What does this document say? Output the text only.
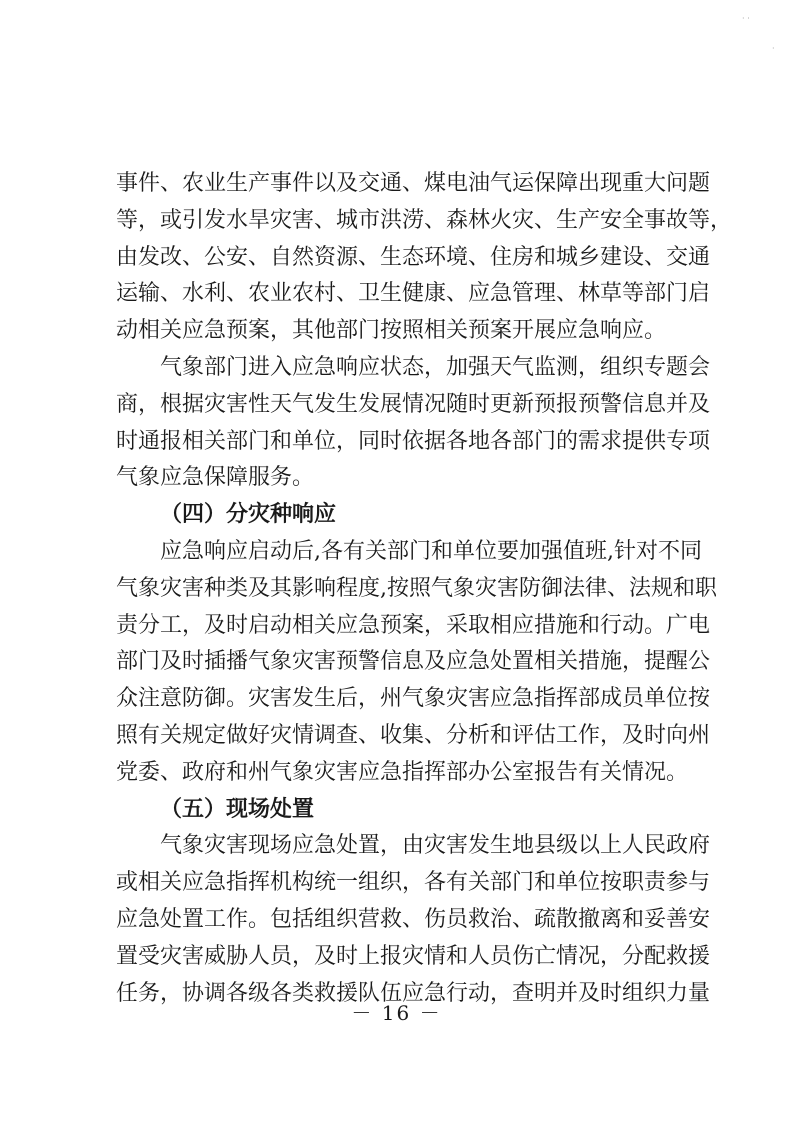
事件、农业生产事件以及交通、煤电油气运保障出现重大问题
等，或引发水旱灾害、城市洪涝、森林火灾、生产安全事故等，
由发改、公安、自然资源、生态环境、住房和城乡建设、交通
运输、水利、农业农村、卫生健康、应急管理、林草等部门启
动相关应急预案，其他部门按照相关预案开展应急响应。
气象部门进入应急响应状态，加强天气监测，组织专题会
商，根据灾害性天气发生发展情况随时更新预报预警信息并及
时通报相关部门和单位，同时依据各地各部门的需求提供专项
气象应急保障服务。
（四）分灾种响应
应急响应启动后,各有关部门和单位要加强值班,针对不同
气象灾害种类及其影响程度,按照气象灾害防御法律、法规和职
责分工，及时启动相关应急预案，采取相应措施和行动。广电
部门及时插播气象灾害预警信息及应急处置相关措施，提醒公
众注意防御。灾害发生后，州气象灾害应急指挥部成员单位按
照有关规定做好灾情调查、收集、分析和评估工作，及时向州
党委、政府和州气象灾害应急指挥部办公室报告有关情况。
（五）现场处置
气象灾害现场应急处置，由灾害发生地县级以上人民政府
或相关应急指挥机构统一组织，各有关部门和单位按职责参与
应急处置工作。包括组织营救、伤员救治、疏散撤离和妥善安
置受灾害威胁人员，及时上报灾情和人员伤亡情况，分配救援
任务，协调各级各类救援队伍应急行动，查明并及时组织力量
－ 16 －
· ·
·
